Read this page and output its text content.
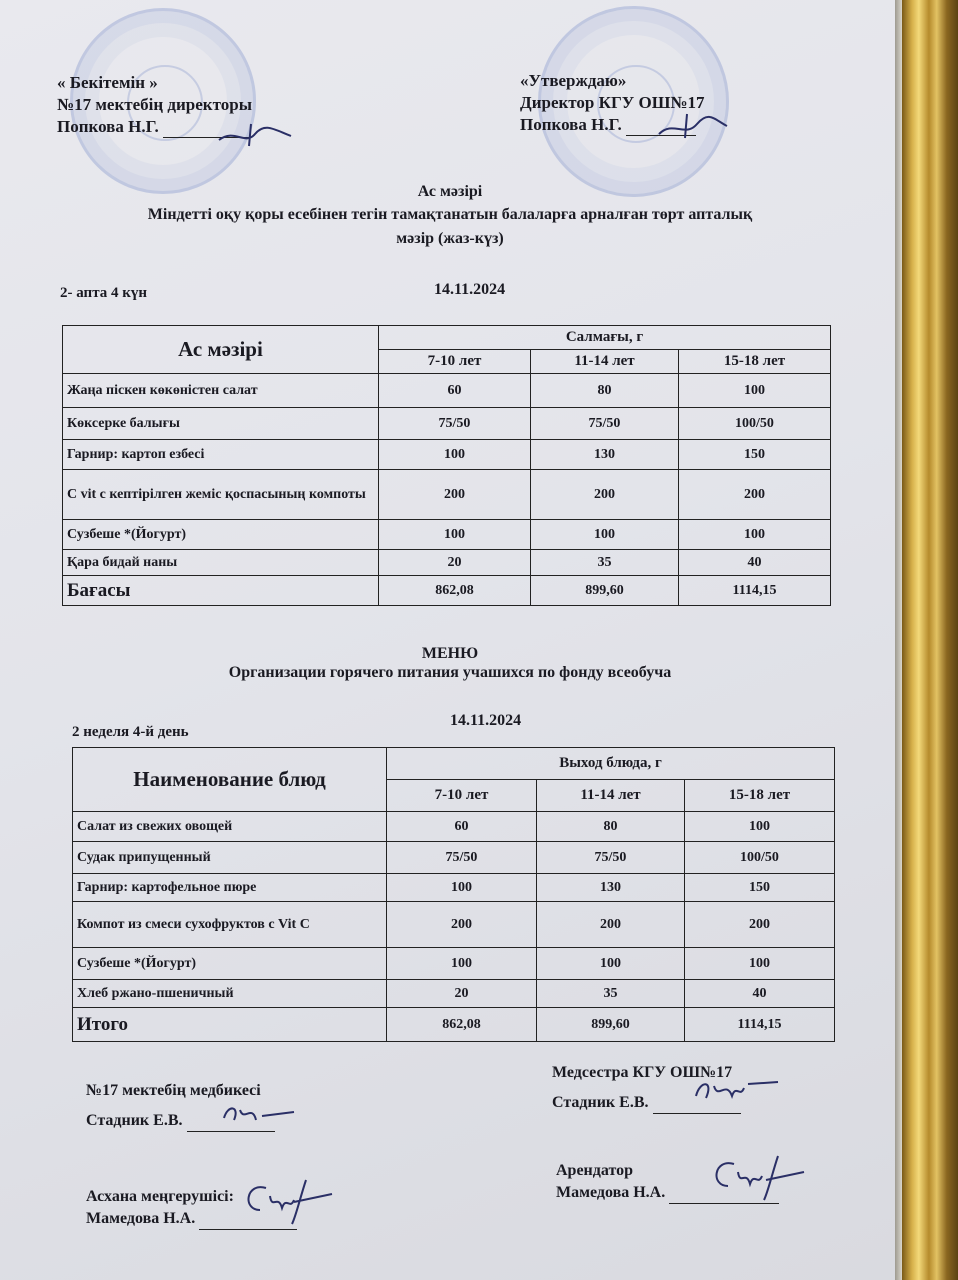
« Бекітемін »
№17 мектебің директоры
Попкова Н.Г.
«Утверждаю»
Директор КГУ ОШ№17
Попкова Н.Г.
Ас мәзірі
Міндетті оқу қоры есебінен тегін тамақтанатын балаларға арналған төрт апталық
мәзір (жаз-күз)
2- апта 4 күн	14.11.2024
Ас мәзірі	Салмағы, г		
	7-10 лет	11-14 лет	15-18 лет
Жаңа піскен көкөністен салат	60	80	100
Көксерке балығы	75/50	75/50	100/50
Гарнир: картоп езбесі	100	130	150
C vit с кептірілген жеміс қоспасының компоты	200	200	200
Сузбеше *(Йогурт)	100	100	100
Қара бидай наны	20	35	40
Бағасы	862,08	899,60	1114,15
МЕНЮ
Организации горячего питания учашихся по фонду всеобуча
14.11.2024
2 неделя 4-й день
Наименование блюд	Выход блюда, г		
	7-10 лет	11-14 лет	15-18 лет
Салат из свежих овощей	60	80	100
Судак припущенный	75/50	75/50	100/50
Гарнир: картофельное пюре	100	130	150
Компот из смеси сухофруктов с Vit C	200	200	200
Сузбеше *(Йогурт)	100	100	100
Хлеб ржано-пшеничный	20	35	40
Итого	862,08	899,60	1114,15
№17 мектебің медбикесі
Стадник Е.В.
Медсестра КГУ ОШ№17
Стадник Е.В.
Асхана меңгерушісі:
Мамедова Н.А.
Арендатор
Мамедова Н.А.
